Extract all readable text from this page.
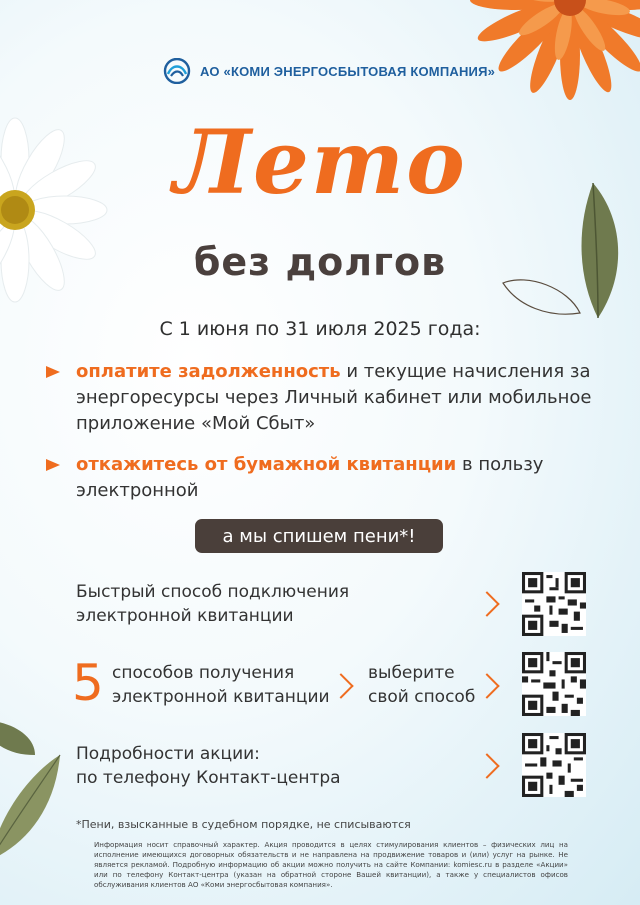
АО «КОМИ ЭНЕРГОСБЫТОВАЯ КОМПАНИЯ»
Лето
без долгов
С 1 июня по 31 июля 2025 года:
оплатите задолженность и текущие начисления за энергоресурсы через Личный кабинет или мобильное приложение «Мой Сбыт»
откажитесь от бумажной квитанции в пользу электронной
а мы спишем пени*!
Быстрый способ подключения
электронной квитанции
5 способов получения
электронной квитанции
выберите
свой способ
Подробности акции:
по телефону Контакт-центра
*Пени, взысканные в судебном порядке, не списываются
Информация носит справочный характер. Акция проводится в целях стимулирования клиентов – физических лиц на исполнение имеющихся договорных обязательств и не направлена на продвижение товаров и (или) услуг на рынке. Не является рекламой. Подробную информацию об акции можно получить на сайте Компании: komiesc.ru в разделе «Акции» или по телефону Контакт-центра (указан на обратной стороне Вашей квитанции), а также у специалистов офисов обслуживания клиентов АО «Коми энергосбытовая компания».
